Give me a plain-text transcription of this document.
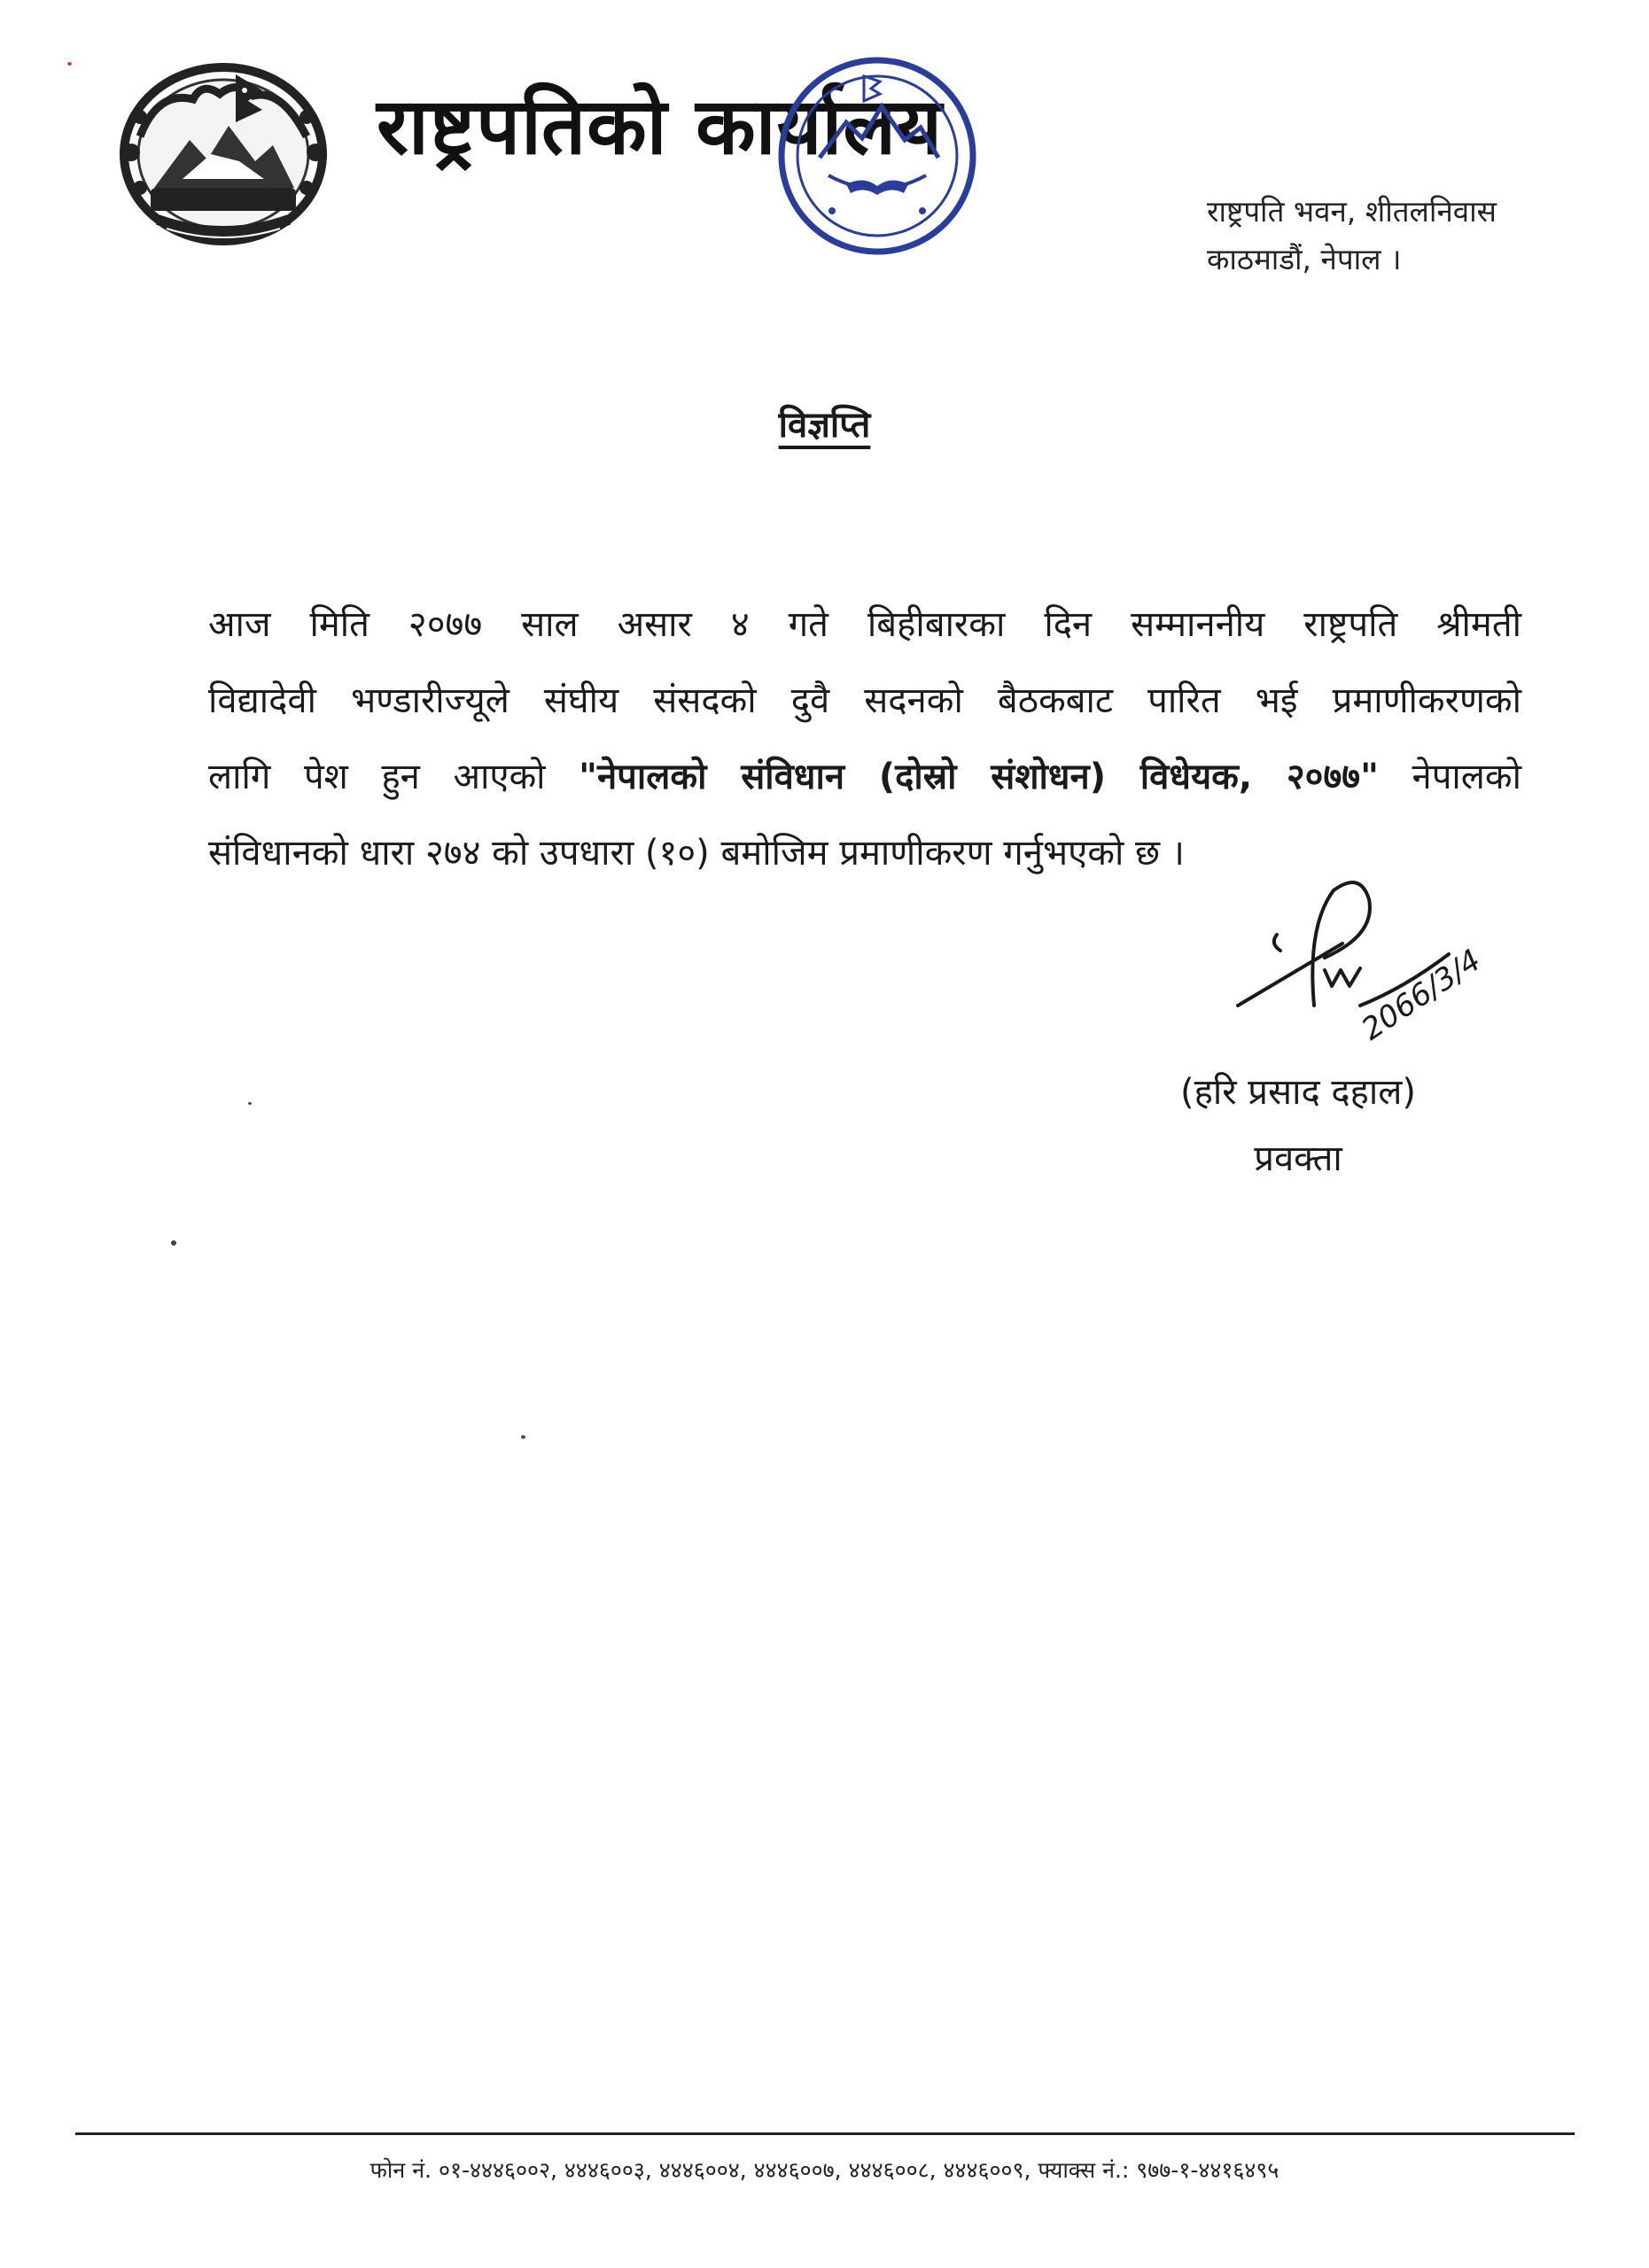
राष्ट्रपतिको कार्यालय
राष्ट्रपति भवन, शीतलनिवास
काठमाडौं, नेपाल ।
विज्ञप्ति
आज मिति २०७७ साल असार ४ गते बिहीबारका दिन सम्माननीय राष्ट्रपति श्रीमती
विद्यादेवी भण्डारीज्यूले संघीय संसदको दुवै सदनको बैठकबाट पारित भई प्रमाणीकरणको
लागि पेश हुन आएको "नेपालको संविधान (दोस्रो संशोधन) विधेयक, २०७७" नेपालको
संविधानको धारा २७४ को उपधारा (१०) बमोजिम प्रमाणीकरण गर्नुभएको छ ।
2066/3/4

(हरि प्रसाद दहाल)

प्रवक्ता

फोन नं. ०१-४४४६००२, ४४४६००३, ४४४६००४, ४४४६००७, ४४४६००८, ४४४६००९, फ्याक्स नं.: ९७७-१-४४१६४९५
